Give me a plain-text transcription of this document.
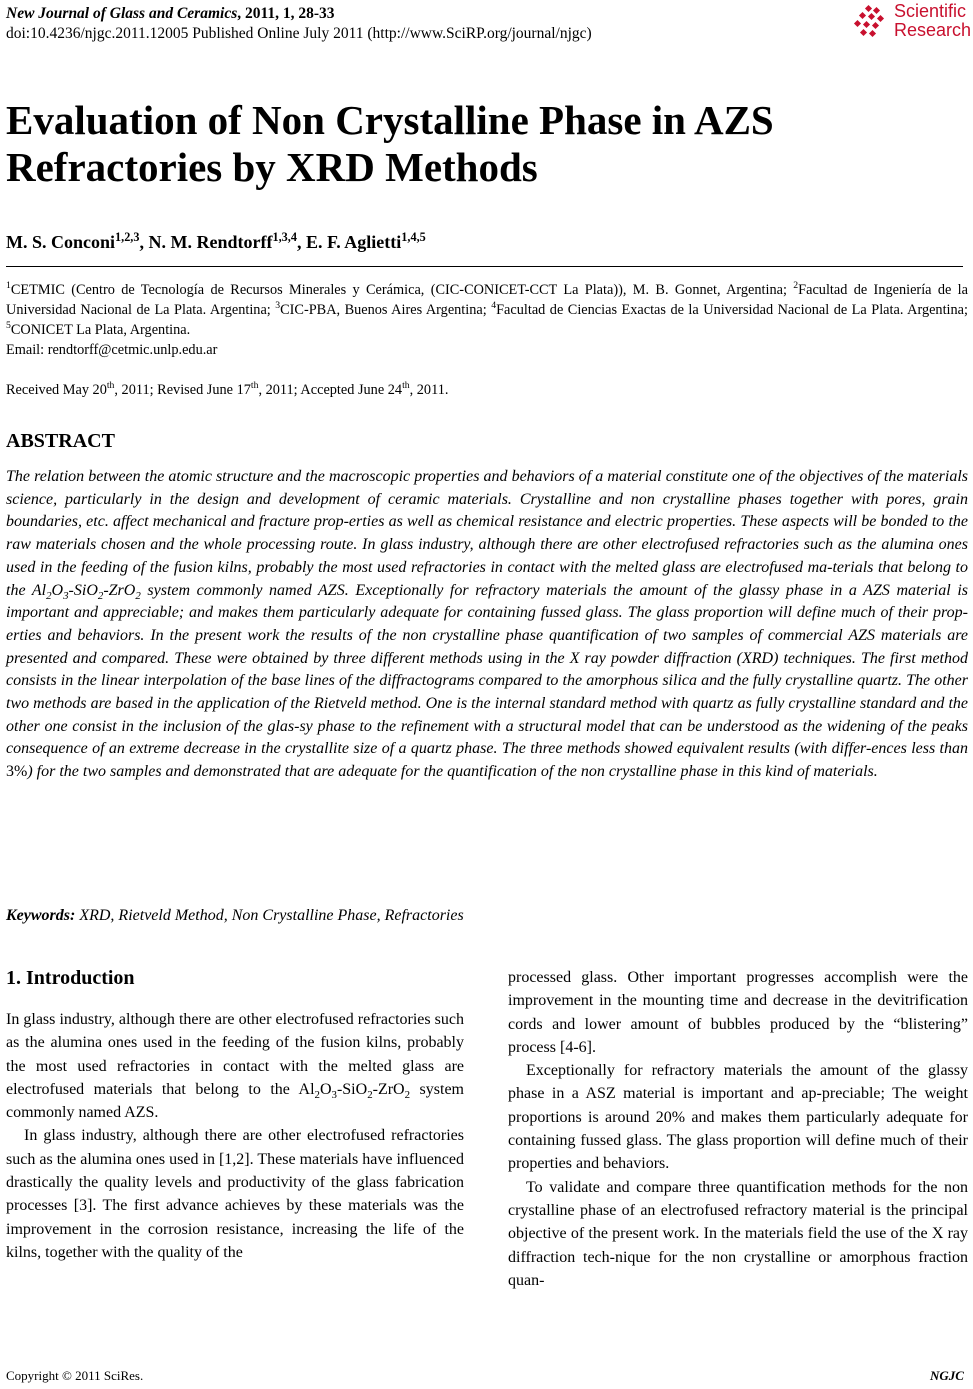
New Journal of Glass and Ceramics, 2011, 1, 28-33
doi:10.4236/njgc.2011.12005 Published Online July 2011 (http://www.SciRP.org/journal/njgc)
Scientific
Research
Evaluation of Non Crystalline Phase in AZS
Refractories by XRD Methods
M. S. Conconi$^{1,2,3}$, N. M. Rendtorff$^{1,3,4}$, E. F. Aglietti$^{1,4,5}$
$^1$CETMIC (Centro de Tecnología de Recursos Minerales y Cerámica, (CIC-CONICET-CCT La Plata)), M. B. Gonnet, Argentina; $^2$Facultad de Ingeniería de la Universidad Nacional de La Plata. Argentina; $^3$CIC-PBA, Buenos Aires Argentina; $^4$Facultad de Ciencias Exactas de la Universidad Nacional de La Plata. Argentina; $^5$CONICET La Plata, Argentina.
Email: rendtorff@cetmic.unlp.edu.ar
Received May 20th, 2011; Revised June 17th, 2011; Accepted June 24th, 2011.
ABSTRACT
The relation between the atomic structure and the macroscopic properties and behaviors of a material constitute one of the objectives of the materials science, particularly in the design and development of ceramic materials. Crystalline and non crystalline phases together with pores, grain boundaries, etc. affect mechanical and fracture prop-erties as well as chemical resistance and electric properties. These aspects will be bonded to the raw materials chosen and the whole processing route. In glass industry, although there are other electrofused refractories such as the alumina ones used in the feeding of the fusion kilns, probably the most used refractories in contact with the melted glass are electrofused ma-terials that belong to the $Al_2O_3-SiO_2-ZrO_2$ system commonly named AZS. Exceptionally for refractory materials the amount of the glassy phase in a AZS material is important and appreciable; and makes them particularly adequate for containing fussed glass. The glass proportion will define much of their prop-erties and behaviors. In the present work the results of the non crystalline phase quantification of two samples of commercial AZS materials are presented and compared. These were obtained by three different methods using in the X ray powder diffraction (XRD) techniques. The first method consists in the linear interpolation of the base lines of the diffractograms compared to the amorphous silica and the fully crystalline quartz. The other two methods are based in the application of the Rietveld method. One is the internal standard method with quartz as fully crystalline standard and the other one consist in the inclusion of the glas-sy phase to the refinement with a structural model that can be understood as the widening of the peaks consequence of an extreme decrease in the crystallite size of a quartz phase. The three methods showed equivalent results (with differ-ences less than 3%) for the two samples and demonstrated that are adequate for the quantification of the non crystalline phase in this kind of materials.
Keywords: XRD, Rietveld Method, Non Crystalline Phase, Refractories
1. Introduction

In glass industry, although there are other electrofused refractories such as the alumina ones used in the feeding of the fusion kilns, probably the most used refractories in contact with the melted glass are electrofused materials that belong to the $Al_2O_3-SiO_2-ZrO_2$ system commonly named AZS.

In glass industry, although there are other electrofused refractories such as the alumina ones used in [1,2]. These materials have influenced drastically the quality levels and productivity of the glass fabrication processes [3]. The first advance achieves by these materials was the improvement in the corrosion resistance, increasing the life of the kilns, together with the quality of the

processed glass. Other important progresses accomplish were the improvement in the mounting time and decrease in the devitrification cords and lower amount of bubbles produced by the “blistering” process [4-6].

Exceptionally for refractory materials the amount of the glassy phase in a ASZ material is important and ap-preciable; The weight proportions is around 20% and makes them particularly adequate for containing fussed glass. The glass proportion will define much of their properties and behaviors.

To validate and compare three quantification methods for the non crystalline phase of an electrofused refractory material is the principal objective of the present work. In the materials field the use of the X ray diffraction tech-nique for the non crystalline or amorphous fraction quan-

Copyright © 2011 SciRes.	NGJC
